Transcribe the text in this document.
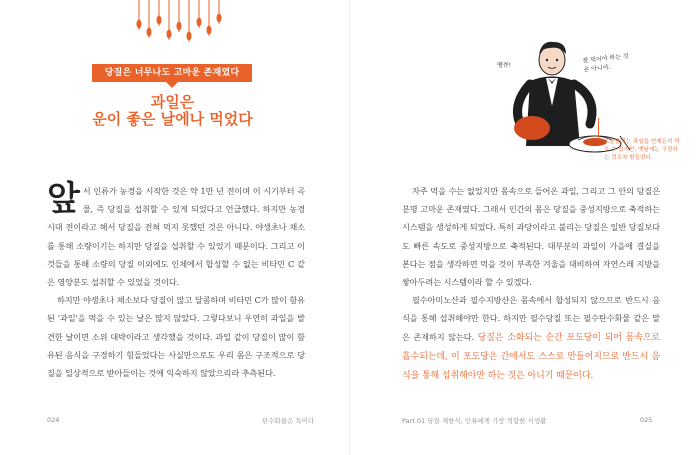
당질은 너무나도 고마운 존재였다
과일은
운이 좋은 날에나 먹었다
앞 서 인류가 농경을 시작한 것은 약 1만 년 전이며 이 시기부터 곡물, 즉 당질을 섭취할 수 있게 되었다고 언급했다. 하지만 농경시대 전이라고 해서 당질을 전혀 먹지 못했던 것은 아니다. 야생초나 채소를 통해 소량이기는 하지만 당질을 섭취할 수 있었기 때문이다. 그리고 이것들을 통해 소량의 당질 이외에도 인체에서 합성할 수 없는 비타민 C 같은 영양분도 섭취할 수 있었을 것이다.
하지만 야생초나 채소보다 당질이 많고 달콤하며 비타민 C가 많이 함유된 '과일'을 먹을 수 있는 날은 많지 않았다. 그렇다보니 우연히 과일을 발견한 날이면 소위 대박이라고 생각했을 것이다. 과일 같이 당질이 많이 함유된 음식을 구경하기 힘들었다는 사실만으로도 우리 몸은 구조적으로 당질을 일상적으로 받아들이는 것에 익숙하지 않았으리라 추측된다.
024	탄수화물은 독이다
땡큐!
잘 먹어야 하는 것은 아니야.
오늘날에는 과일을 언제든지 먹을 수 있지만, 옛날에는 구경하는 것조차 힘들었다.
자주 먹을 수는 없었지만 몸속으로 들어온 과일, 그리고 그 안의 당질은 분명 고마운 존재였다. 그래서 인간의 몸은 당질을 중성지방으로 축적하는 시스템을 생성하게 되었다. 특히 과당이라고 불리는 당질은 일반 당질보다도 빠른 속도로 중성지방으로 축적된다. 대부분의 과일이 가을에 결실을 본다는 점을 생각하면 먹을 것이 부족한 겨울을 대비하여 자연스레 지방을 쌓아두려는 시스템이라 할 수 있겠다.
필수아미노산과 필수지방산은 몸속에서 합성되지 않으므로 반드시 음식을 통해 섭취해야만 한다. 하지만 필수당질 또는 필수탄수화물 같은 말은 존재하지 않는다. 당질은 소화되는 순간 포도당이 되어 몸속으로 흡수되는데, 이 포도당은 간에서도 스스로 만들어지므로 반드시 음식을 통해 섭취해야만 하는 것은 아니기 때문이다.
Part 01 당질 제한식, 인류에게 가장 적합한 식생활	025
